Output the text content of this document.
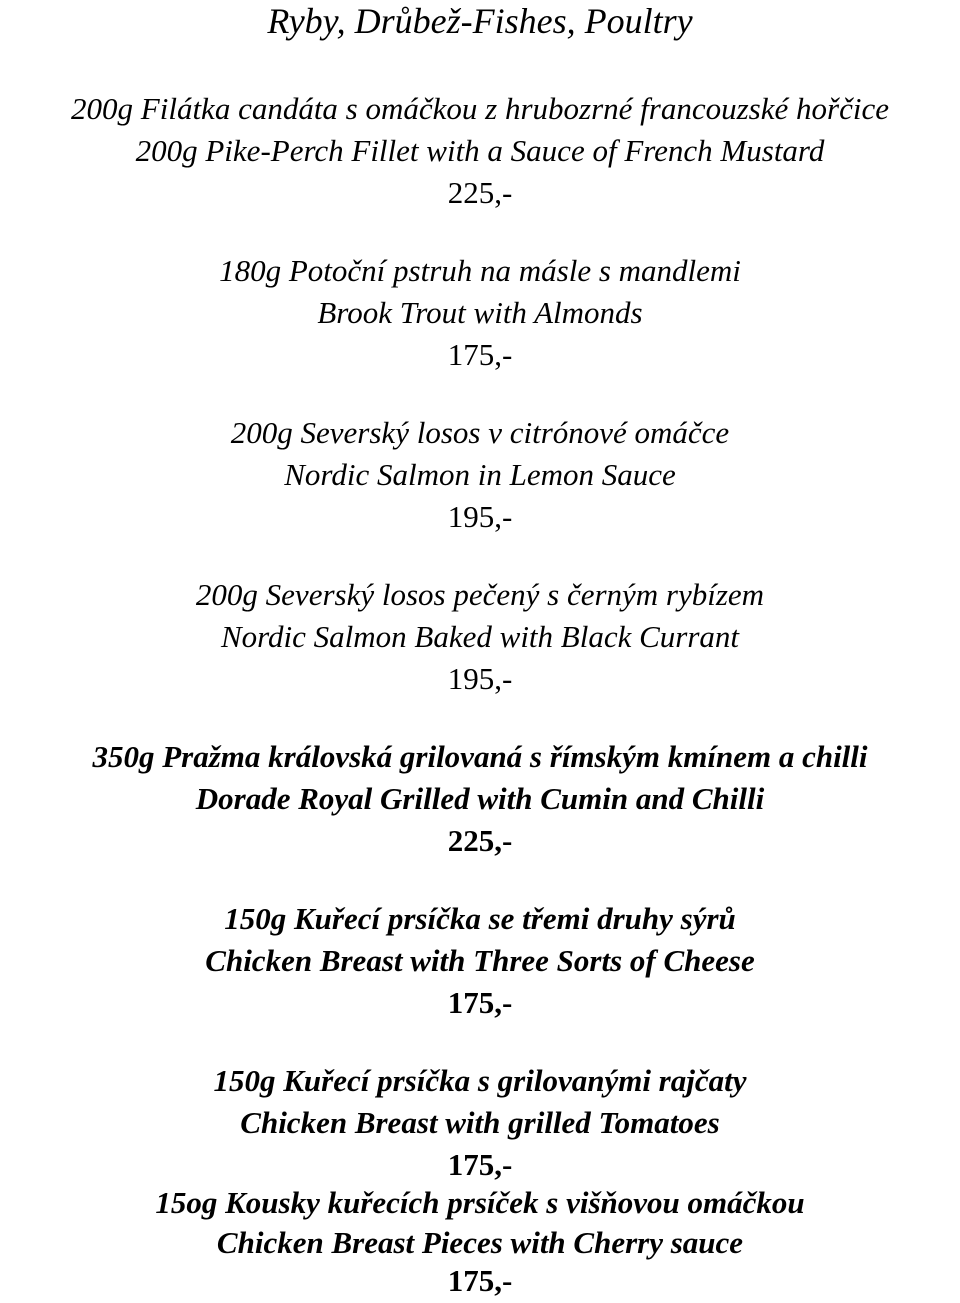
Ryby, Drůbež-Fishes, Poultry
200g Filátka candáta s omáčkou z hrubozrné francouzské hořčice
200g Pike-Perch Fillet with a Sauce of French Mustard
225,-
180g Potoční pstruh na másle s mandlemi
Brook Trout with Almonds
175,-
200g Severský losos v citrónové omáčce
Nordic Salmon in Lemon Sauce
195,-
200g Severský losos pečený s černým rybízem
Nordic Salmon Baked with Black Currant
195,-
350g Pražma královská grilovaná s římským kmínem a chilli
Dorade Royal Grilled with Cumin and Chilli
225,-
150g Kuřecí prsíčka se třemi druhy sýrů
Chicken Breast with Three Sorts of Cheese
175,-
150g Kuřecí prsíčka s grilovanými rajčaty
Chicken Breast with grilled Tomatoes
175,-
15og Kousky kuřecích prsíček s višňovou omáčkou
Chicken Breast Pieces with Cherry sauce
175,-
